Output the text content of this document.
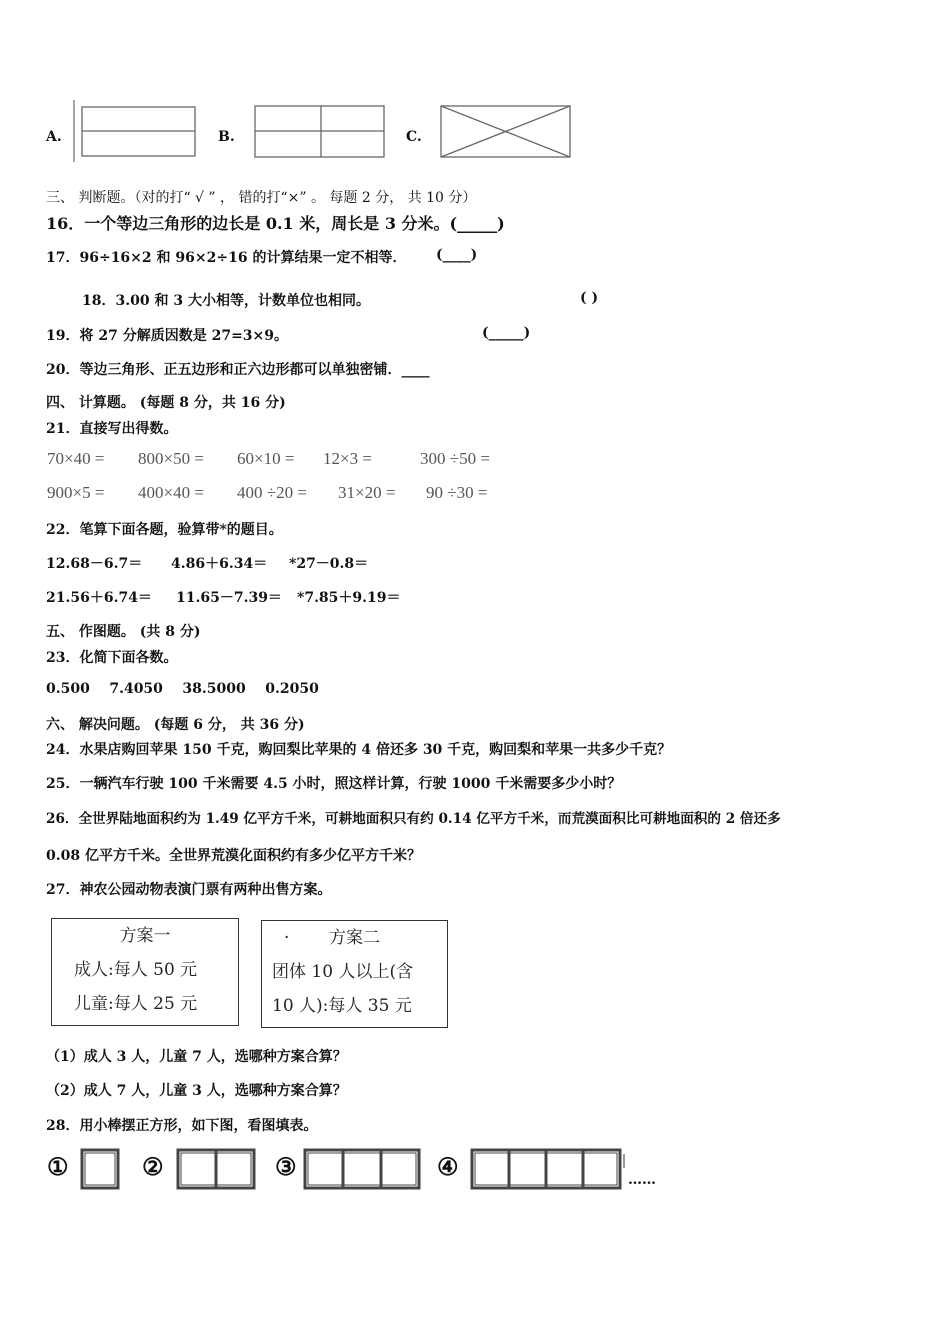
A.	B.	C.
三、 判断题。（对的打“ √ ” ， 错的打“×” 。 每题 2 分， 共 10 分）
16．一个等边三角形的边长是 0.1 米，周长是 3 分米。(_____)
17．96÷16×2 和 96×2÷16 的计算结果一定不相等． (____)
18．3.00 和 3 大小相等，计数单位也相同。	( )
19．将 27 分解质因数是 27=3×9。	(_____)
20．等边三角形、正五边形和正六边形都可以单独密铺．____
四、 计算题。 (每题 8 分，共 16 分)
21．直接写出得数。
70×40 = 800×50 = 60×10 = 12×3 =	300 ÷50 =
900×5 = 400×40 = 400 ÷20 = 31×20 = 90 ÷30 =
22．笔算下面各题，验算带*的题目。
12.68－6.7＝ 4.86＋6.34＝ *27－0.8＝
21.56＋6.74＝ 11.65－7.39＝ *7.85＋9.19＝
五、 作图题。 (共 8 分)
23．化简下面各数。
0.500    7.4050    38.5000    0.2050
六、 解决问题。 (每题 6 分， 共 36 分)
24．水果店购回苹果 150 千克，购回梨比苹果的 4 倍还多 30 千克，购回梨和苹果一共多少千克？
25．一辆汽车行驶 100 千米需要 4.5 小时，照这样计算，行驶 1000 千米需要多少小时？
26．全世界陆地面积约为 1.49 亿平方千米，可耕地面积只有约 0.14 亿平方千米，而荒漠面积比可耕地面积的 2 倍还多
0.08 亿平方千米。全世界荒漠化面积约有多少亿平方千米？
27．神农公园动物表演门票有两种出售方案。
方案一
成人:每人 50 元
儿童:每人 25 元
· 方案二
团体 10 人以上(含
10 人):每人 35 元
（1）成人 3 人，儿童 7 人，选哪种方案合算？
（2）成人 7 人，儿童 3 人，选哪种方案合算？
28．用小棒摆正方形，如下图，看图填表。
①	②	③	④	……
